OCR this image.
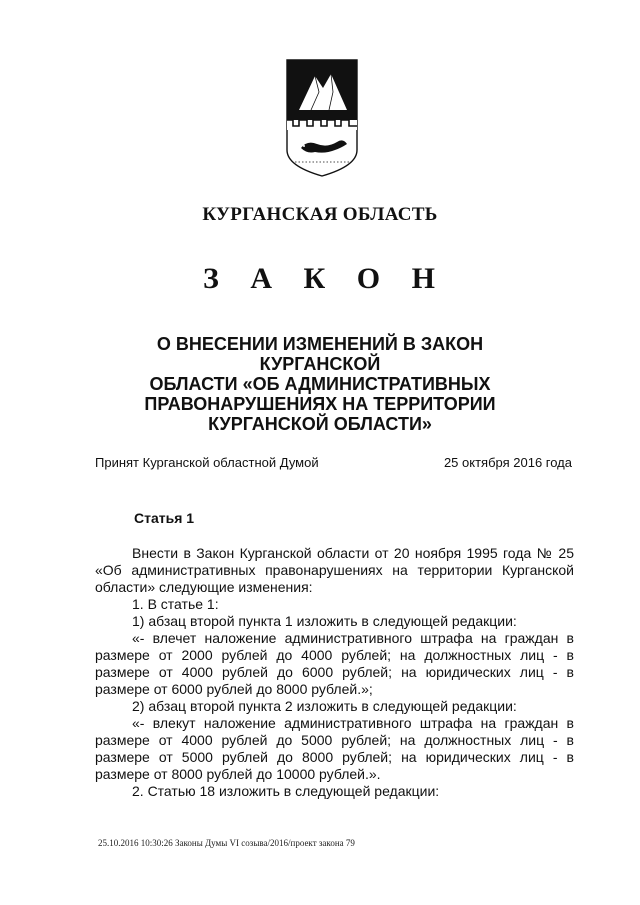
КУРГАНСКАЯ ОБЛАСТЬ
З А К О Н
О ВНЕСЕНИИ ИЗМЕНЕНИЙ В ЗАКОН КУРГАНСКОЙ
ОБЛАСТИ «ОБ АДМИНИСТРАТИВНЫХ
ПРАВОНАРУШЕНИЯХ НА ТЕРРИТОРИИ
КУРГАНСКОЙ ОБЛАСТИ»
Принят Курганской областной Думой	25 октября 2016 года
Статья 1

Внести в Закон Курганской области от 20 ноября 1995 года № 25 «Об административных правонарушениях на территории Курганской области» следующие изменения:

1. В статье 1:

1) абзац второй пункта 1 изложить в следующей редакции:

«- влечет наложение административного штрафа на граждан в размере от 2000 рублей до 4000 рублей; на должностных лиц - в размере от 4000 рублей до 6000 рублей; на юридических лиц - в размере от 6000 рублей до 8000 рублей.»;

2) абзац второй пункта 2 изложить в следующей редакции:

«- влекут наложение административного штрафа на граждан в размере от 4000 рублей до 5000 рублей; на должностных лиц - в размере от 5000 рублей до 8000 рублей; на юридических лиц - в размере от 8000 рублей до 10000 рублей.».

2. Статью 18 изложить в следующей редакции:

25.10.2016 10:30:26 Законы Думы VI созыва/2016/проект закона 79
